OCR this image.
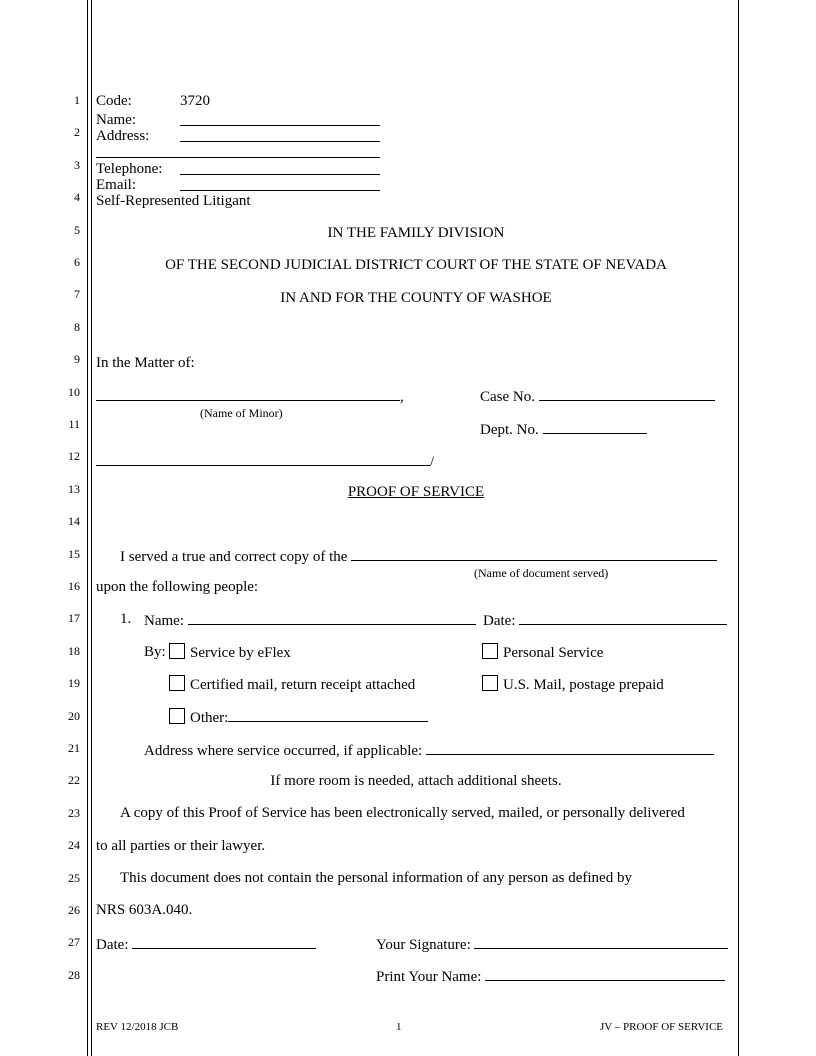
1
2
3
4
5
6
7
8
9
10
11
12
13
14
15
16
17
18
19
20
21
22
23
24
25
26
27
28
Code:	3720
Name:
Address:
Telephone:
Email:
Self-Represented Litigant
IN THE FAMILY DIVISION
OF THE SECOND JUDICIAL DISTRICT COURT OF THE STATE OF NEVADA
IN AND FOR THE COUNTY OF WASHOE
In the Matter of:
,
(Name of Minor)
Case No.
Dept. No.
/
PROOF OF SERVICE
I served a true and correct copy of the
(Name of document served)
upon the following people:
1. Name:	Date:
By:	Service by eFlex	Personal Service
Certified mail, return receipt attached	U.S. Mail, postage prepaid
Other:
Address where service occurred, if applicable:
If more room is needed, attach additional sheets.
A copy of this Proof of Service has been electronically served, mailed, or personally delivered
to all parties or their lawyer.
This document does not contain the personal information of any person as defined by
NRS 603A.040.
Date:	Your Signature:
Print Your Name:
REV 12/2018 JCB	1	JV – PROOF OF SERVICE
